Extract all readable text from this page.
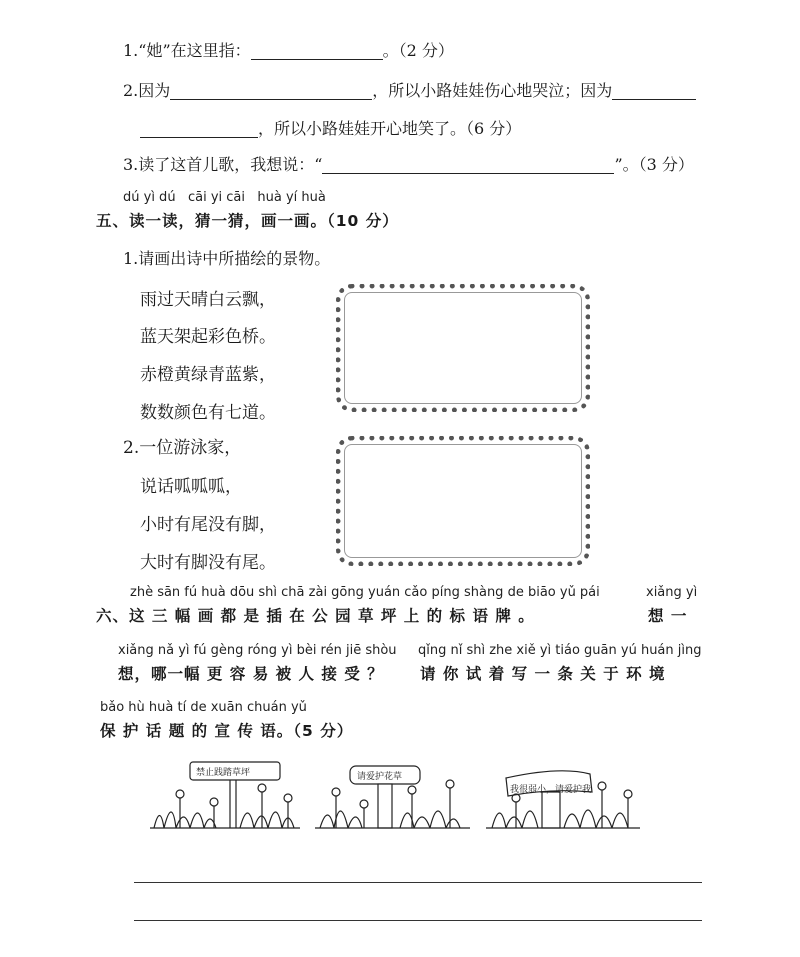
1.“她”在这里指：	。（2 分）
2.因为	，所以小路娃娃伤心地哭泣；因为
，所以小路娃娃开心地笑了。（6 分）
3.读了这首儿歌，我想说：“	”。（3 分）
dú yì dú cāi yi cāi huà yí huà
五、读一读，猜一猜，画一画。（10 分）
1.请画出诗中所描绘的景物。
雨过天晴白云飘，
蓝天架起彩色桥。
赤橙黄绿青蓝紫，
数数颜色有七道。
2.一位游泳家，
说话呱呱呱，
小时有尾没有脚，
大时有脚没有尾。
zhè sān fú huà dōu shì chā zài gōng yuán cǎo píng shàng de biāo yǔ pái	xiǎng yì
六、这 三 幅 画 都 是 插 在 公 园 草 坪 上 的 标 语 牌 。	想 一
xiǎng nǎ yì fú gèng róng yì bèi rén jiē shòu qǐng nǐ shì zhe xiě yì tiáo guān yú huán jìng
想，哪一幅 更 容 易 被 人 接 受 ？ 请 你 试 着 写 一 条 关 于 环 境
bǎo hù huà tí de xuān chuán yǔ
保 护 话 题 的 宣 传 语。（5 分）
禁止践踏草坪	请爱护花草
我很弱小，请爱护我
